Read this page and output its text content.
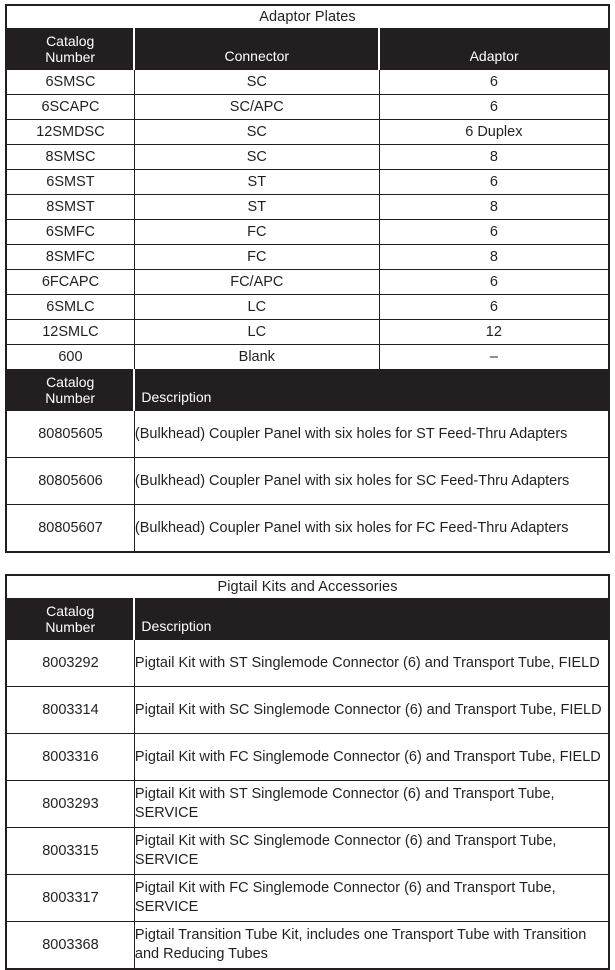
Adaptor Plates		
Catalog
Number	Connector	Adaptor
6SMSC	SC	6
6SCAPC	SC/APC	6
12SMDSC	SC	6 Duplex
8SMSC	SC	8
6SMST	ST	6
8SMST	ST	8
6SMFC	FC	6
8SMFC	FC	8
6FCAPC	FC/APC	6
6SMLC	LC	6
12SMLC	LC	12
600	Blank	–
Catalog
Number	Description	
80805605	(Bulkhead) Coupler Panel with six holes for ST Feed-Thru Adapters	
80805606	(Bulkhead) Coupler Panel with six holes for SC Feed-Thru Adapters	
80805607	(Bulkhead) Coupler Panel with six holes for FC Feed-Thru Adapters	
Pigtail Kits and Accessories	
Catalog
Number	Description
8003292	Pigtail Kit with ST Singlemode Connector (6) and Transport Tube, FIELD
8003314	Pigtail Kit with SC Singlemode Connector (6) and Transport Tube, FIELD
8003316	Pigtail Kit with FC Singlemode Connector (6) and Transport Tube, FIELD
8003293	Pigtail Kit with ST Singlemode Connector (6) and Transport Tube, SERVICE
8003315	Pigtail Kit with SC Singlemode Connector (6) and Transport Tube, SERVICE
8003317	Pigtail Kit with FC Singlemode Connector (6) and Transport Tube, SERVICE
8003368	Pigtail Transition Tube Kit, includes one Transport Tube with Transition and Reducing Tubes
